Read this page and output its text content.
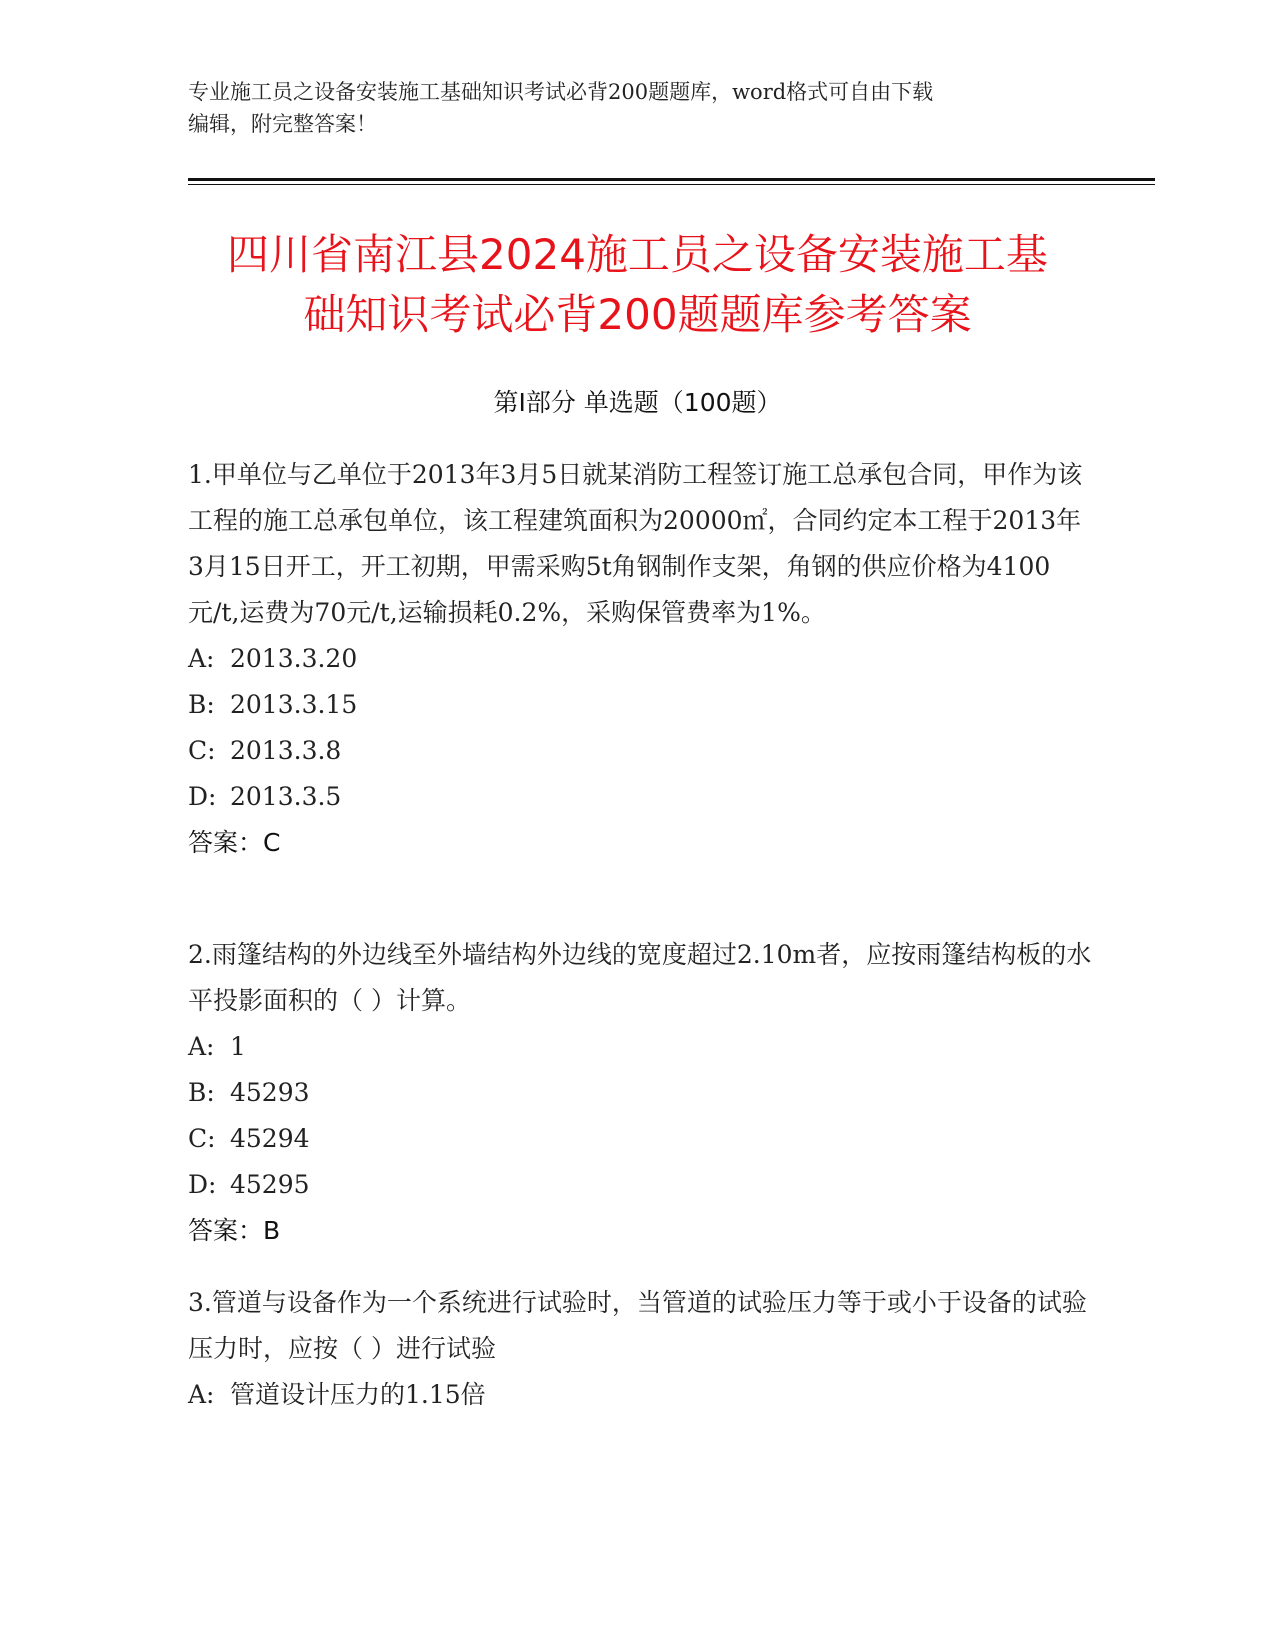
专业施工员之设备安装施工基础知识考试必背200题题库，word格式可自由下载
编辑，附完整答案！
四川省南江县2024施工员之设备安装施工基
础知识考试必背200题题库参考答案
第Ⅰ部分 单选题（100题）

1.甲单位与乙单位于2013年3月5日就某消防工程签订施工总承包合同，甲作为该工程的施工总承包单位，该工程建筑面积为20000㎡，合同约定本工程于2013年3月15日开工，开工初期，甲需采购5t角钢制作支架，角钢的供应价格为4100元/t,运费为70元/t,运输损耗0.2%，采购保管费率为1%。

A: 2013.3.20

B: 2013.3.15

C: 2013.3.8

D: 2013.3.5

答案：C

2.雨篷结构的外边线至外墙结构外边线的宽度超过2.10m者，应按雨篷结构板的水平投影面积的（ ）计算。

A: 1

B: 45293

C: 45294

D: 45295

答案：B

3.管道与设备作为一个系统进行试验时，当管道的试验压力等于或小于设备的试验压力时，应按（ ）进行试验

A: 管道设计压力的1.15倍
